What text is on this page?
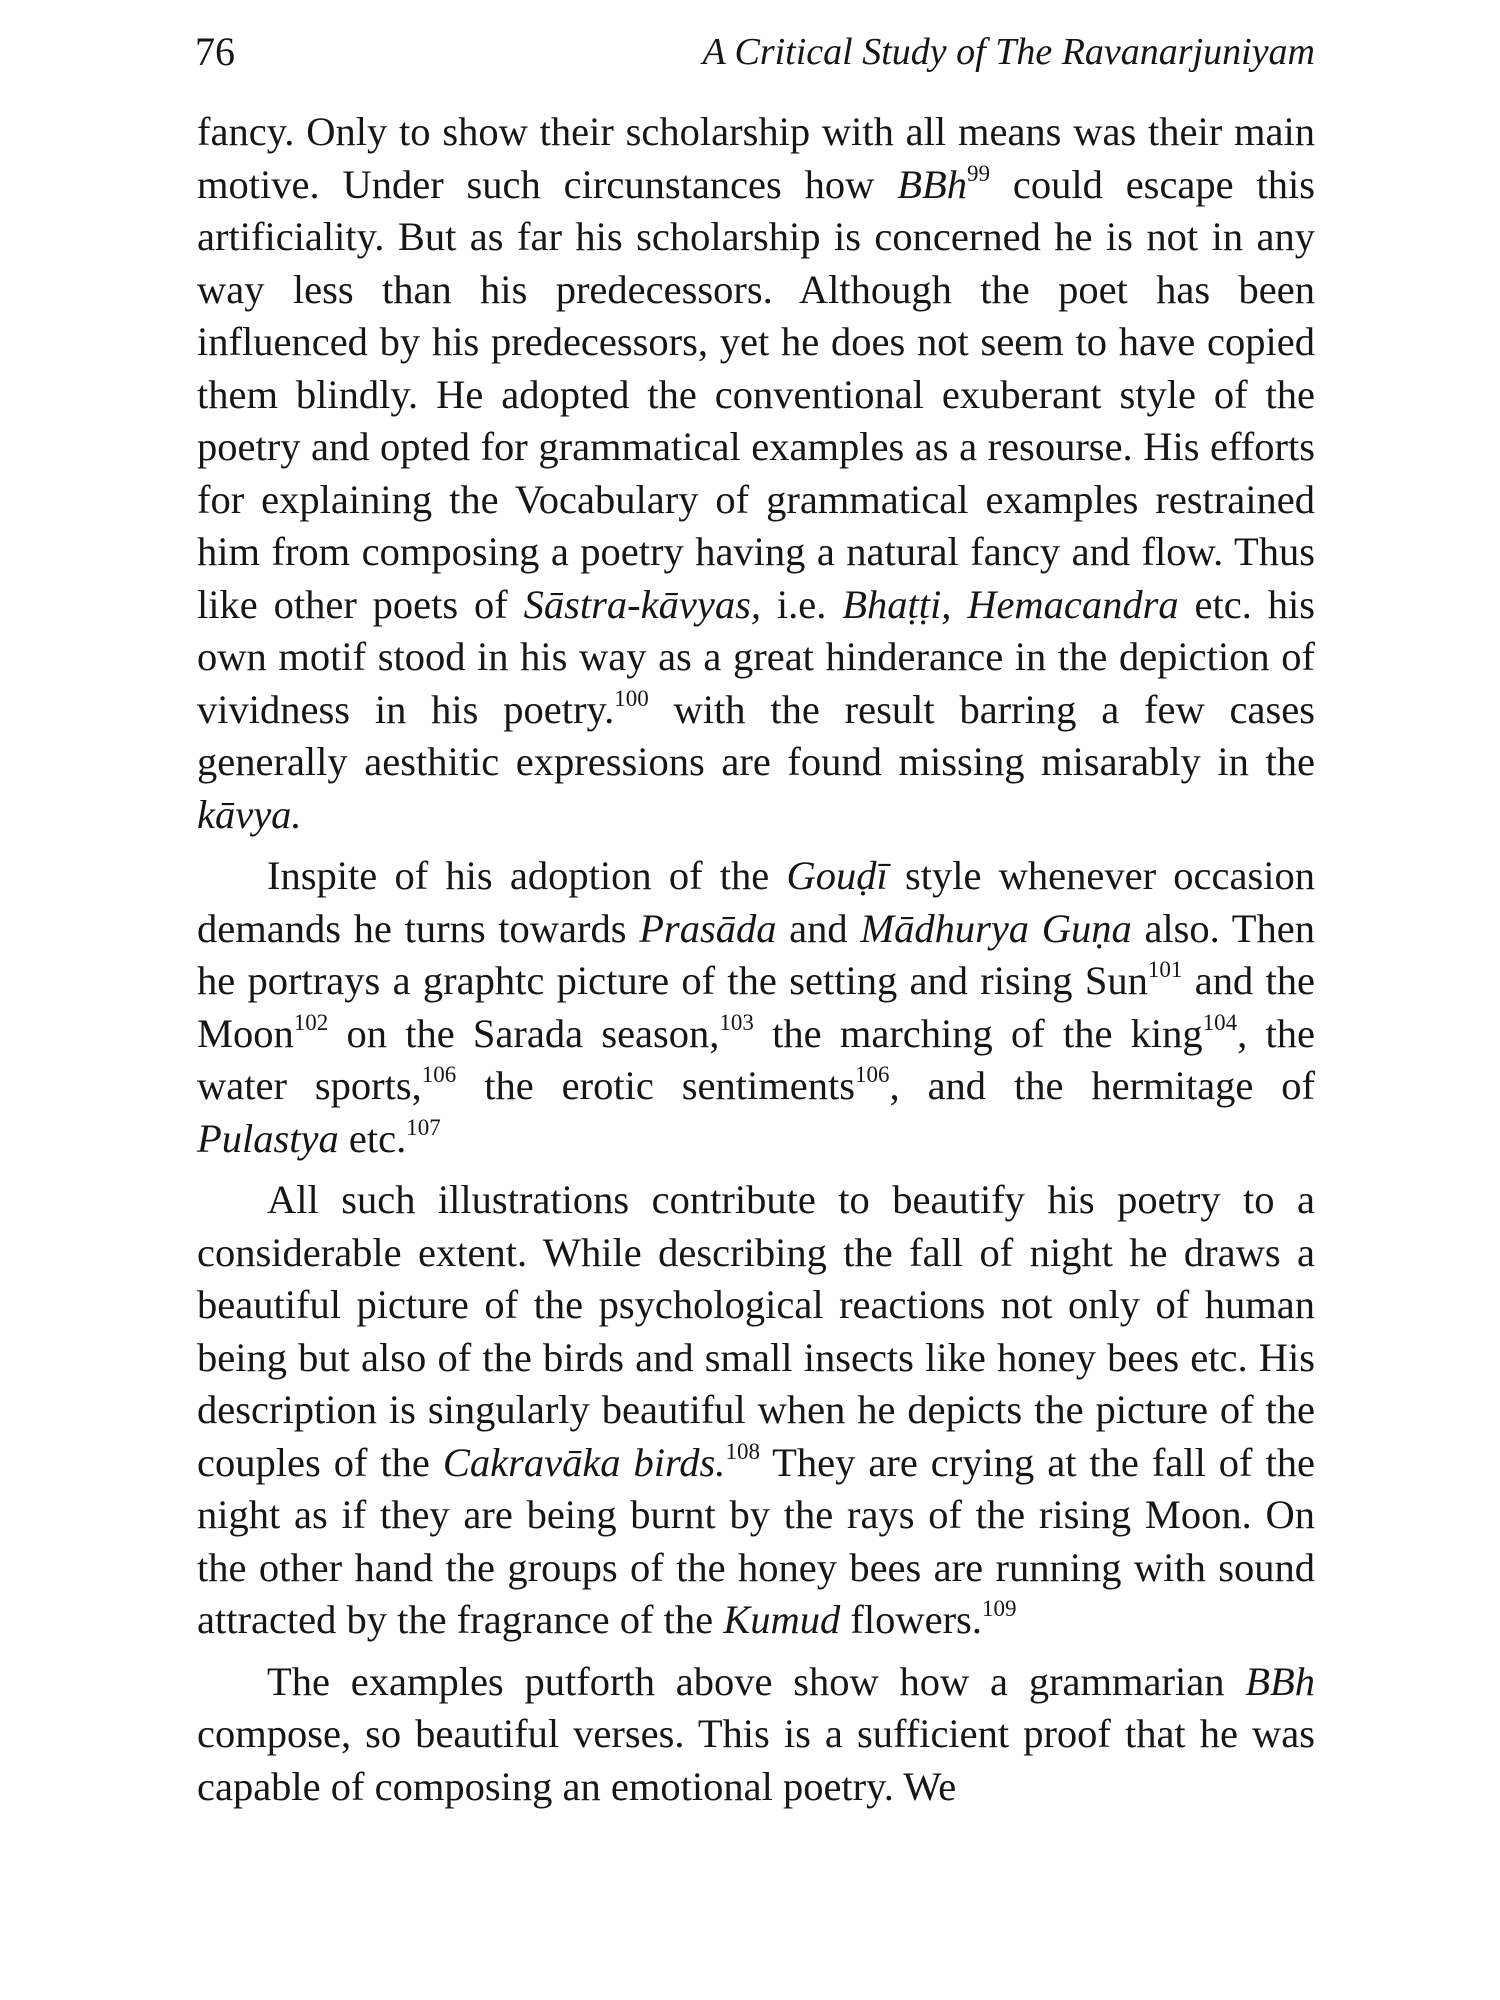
76	A Critical Study of The Ravanarjuniyam

fancy. Only to show their scholarship with all means was their main motive. Under such circunstances how BBh$^{99}$ could escape this artificiality. But as far his scholarship is concerned he is not in any way less than his predecessors. Although the poet has been influenced by his predecessors, yet he does not seem to have copied them blindly. He adopted the conventional exuberant style of the poetry and opted for grammatical examples as a resourse. His efforts for explaining the Vocabulary of grammatical examples restrained him from composing a poetry having a natural fancy and flow. Thus like other poets of Sāstra-kāvyas, i.e. Bhaṭṭi, Hemacandra etc. his own motif stood in his way as a great hinderance in the depiction of vividness in his poetry.$^{100}$ with the result barring a few cases generally aesthitic expressions are found missing misarably in the kāvya.

Inspite of his adoption of the Gouḍī style whenever occasion demands he turns towards Prasāda and Mādhurya Guṇa also. Then he portrays a graphtc picture of the setting and rising Sun$^{101}$ and the Moon$^{102}$ on the Sarada season,$^{103}$ the marching of the king$^{104}$, the water sports,$^{106}$ the erotic sentiments$^{106}$, and the hermitage of Pulastya etc.$^{107}$

All such illustrations contribute to beautify his poetry to a considerable extent. While describing the fall of night he draws a beautiful picture of the psychological reactions not only of human being but also of the birds and small insects like honey bees etc. His description is singularly beautiful when he depicts the picture of the couples of the Cakravāka birds.$^{108}$ They are crying at the fall of the night as if they are being burnt by the rays of the rising Moon. On the other hand the groups of the honey bees are running with sound attracted by the fragrance of the Kumud flowers.$^{109}$

The examples putforth above show how a grammarian BBh compose, so beautiful verses. This is a sufficient proof that he was capable of composing an emotional poetry. We
